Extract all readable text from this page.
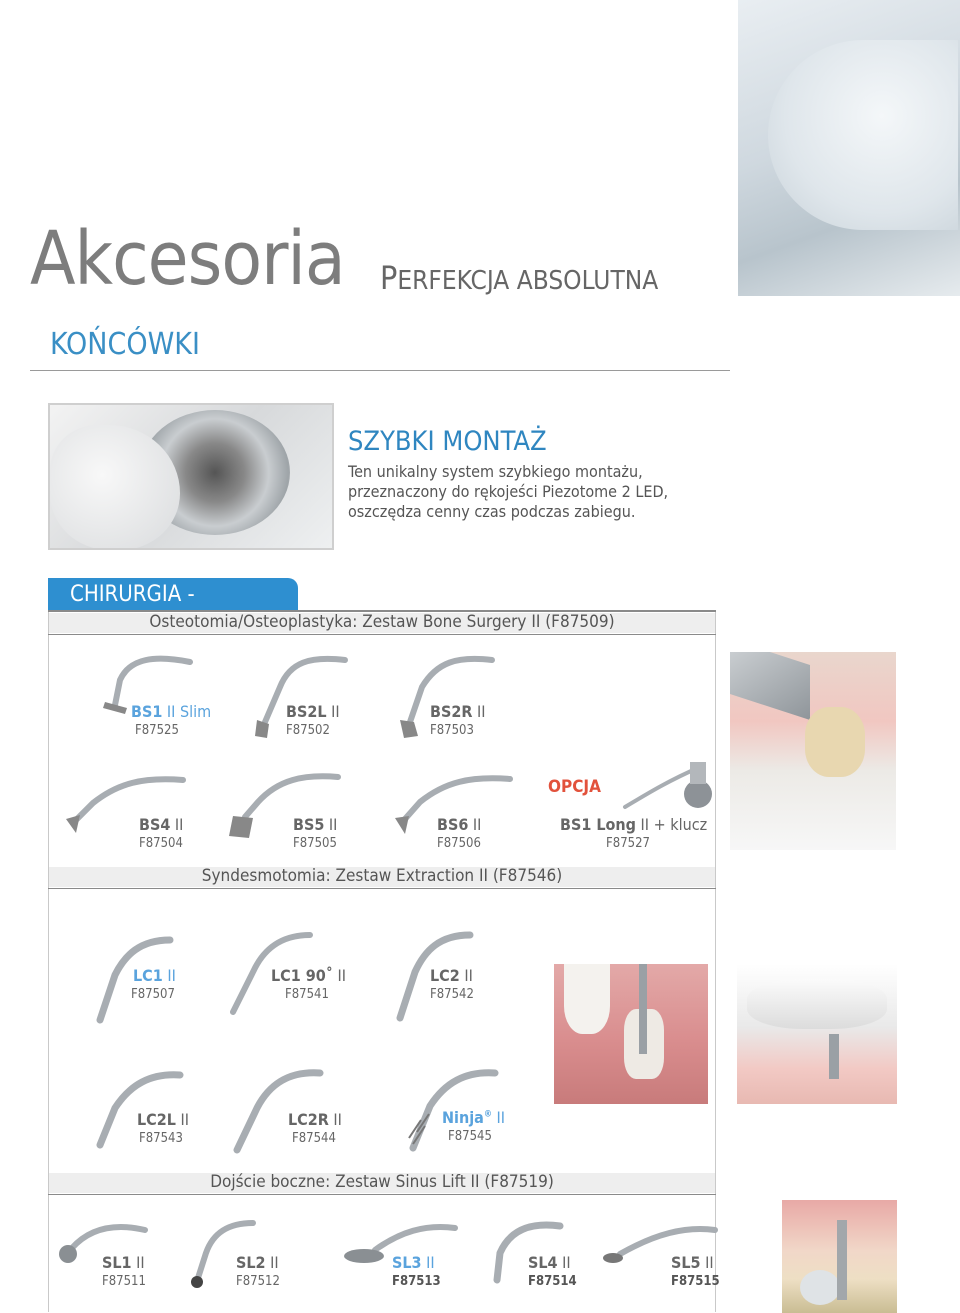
Akcesoria PERFEKCJA ABSOLUTNA
KOŃCÓWKI
SZYBKI MONTAŻ
Ten unikalny system szybkiego montażu,
przeznaczony do rękojeści Piezotome 2 LED,
oszczędza cenny czas podczas zabiegu.
CHIRURGIA -
Osteotomia/Osteoplastyka: Zestaw Bone Surgery II (F87509)
BS1 II Slim
F87525
BS2L II
F87502
BS2R II
F87503
OPCJA
BS4 II
F87504
BS5 II
F87505
BS6 II
F87506
BS1 Long II + klucz
F87527
Syndesmotomia: Zestaw Extraction II (F87546)
LC1 II
F87507
LC1 90˚ II
F87541
LC2 II
F87542
LC2L II
F87543
LC2R II
F87544
Ninja® II
F87545
Dojście boczne: Zestaw Sinus Lift II (F87519)
SL1 II
F87511
SL2 II
F87512
SL3 II
F87513
SL4 II
F87514
SL5 II
F87515
